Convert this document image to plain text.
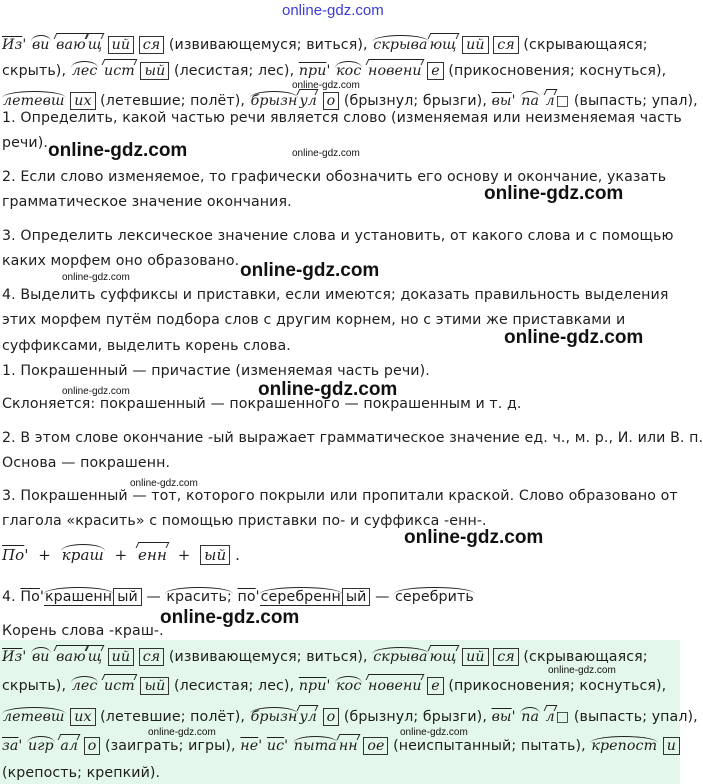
online-gdz.com
Из' ви ваю щ ий ся (извивающемуся; виться), скрыва ющ ий ся (скрывающаяся;
скрыть), лес ист ый (лесистая; лес), при' кос новени е (прикосновения; коснуться),
летевш их (летевшие; полёт), брызн ул о (брызнул; брызги), вы' па л□ (выпасть; упал),
online-gdz.com
1. Определить, какой частью речи является слово (изменяемая или неизменяемая часть
речи). online-gdz.com	online-gdz.com
2. Если слово изменяемое, то графически обозначить его основу и окончание, указать
online-gdz.com
грамматическое значение окончания.
3. Определить лексическое значение слова и установить, от какого слова и с помощью
каких морфем оно образовано. online-gdz.com
online-gdz.com
4. Выделить суффиксы и приставки, если имеются; доказать правильность выделения
этих морфем путём подбора слов с другим корнем, но с этими же приставками и
online-gdz.com
суффиксами, выделить корень слова.
1. Покрашенный — причастие (изменяемая часть речи).
online-gdz.com	online-gdz.com
Склоняется: покрашенный — покрашенного — покрашенным и т. д.
2. В этом слове окончание -ый выражает грамматическое значение ед. ч., м. р., И. или В. п.
Основа — покрашенн.
online-gdz.com
3. Покрашенный — тот, которого покрыли или пропитали краской. Слово образовано от
глагола «красить» с помощью приставки по- и суффикса -енн-.
online-gdz.com
По' + краш + енн + ый .
4. По'крашенн ый — красить; по'серебренн ый — серебрить
online-gdz.com
Корень слова -краш-.
Из' ви ваю щ ий ся (извивающемуся; виться), скрыва ющ ий ся (скрывающаяся;
online-gdz.com
скрыть), лес ист ый (лесистая; лес), при' кос новени е (прикосновения; коснуться),
летевш их (летевшие; полёт), брызн ул о (брызнул; брызги), вы' па л□ (выпасть; упал),
online-gdz.com	online-gdz.com
за' игр ал о (заиграть; игры), не' ис' пыта нн ое (неиспытанный; пытать), крепост и
(крепость; крепкий).
